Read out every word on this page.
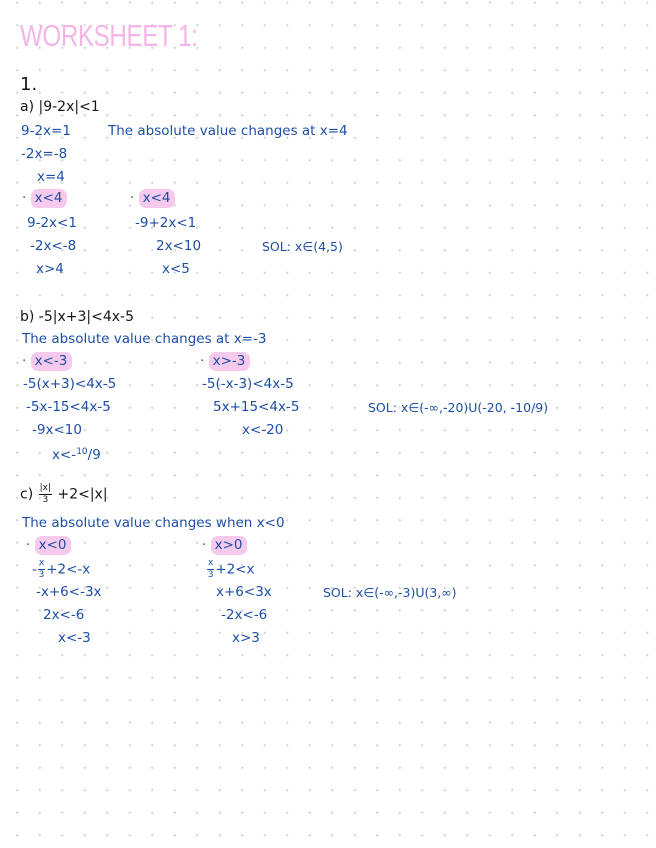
WORKSHEET 1:
1.
a) |9-2x|<1
9-2x=1	The absolute value changes at x=4
-2x=-8
x=4
· x<4	· x<4
9-2x<1	-9+2x<1
-2x<-8	2x<10	SOL: x∈(4,5)
x>4	x<5
b) -5|x+3|<4x-5
The absolute value changes at x=-3
· x<-3	· x>-3
-5(x+3)<4x-5	-5(-x-3)<4x-5
-5x-15<4x-5	5x+15<4x-5	SOL: x∈(-∞,-20)U(-20, -10/9)
-9x<10	x<-20
x<-$^{10}$/9
$c) \frac{|x|}{3} +2<|x|$
The absolute value changes when x<0
· x<0	· x>0
- $\frac{x}{3} +2<-x$	$\frac{x}{3} +2<x$
-x+6<-3x	x+6<3x	SOL: x∈(-∞,-3)U(3,∞)
2x<-6	-2x<-6
x<-3	x>3
